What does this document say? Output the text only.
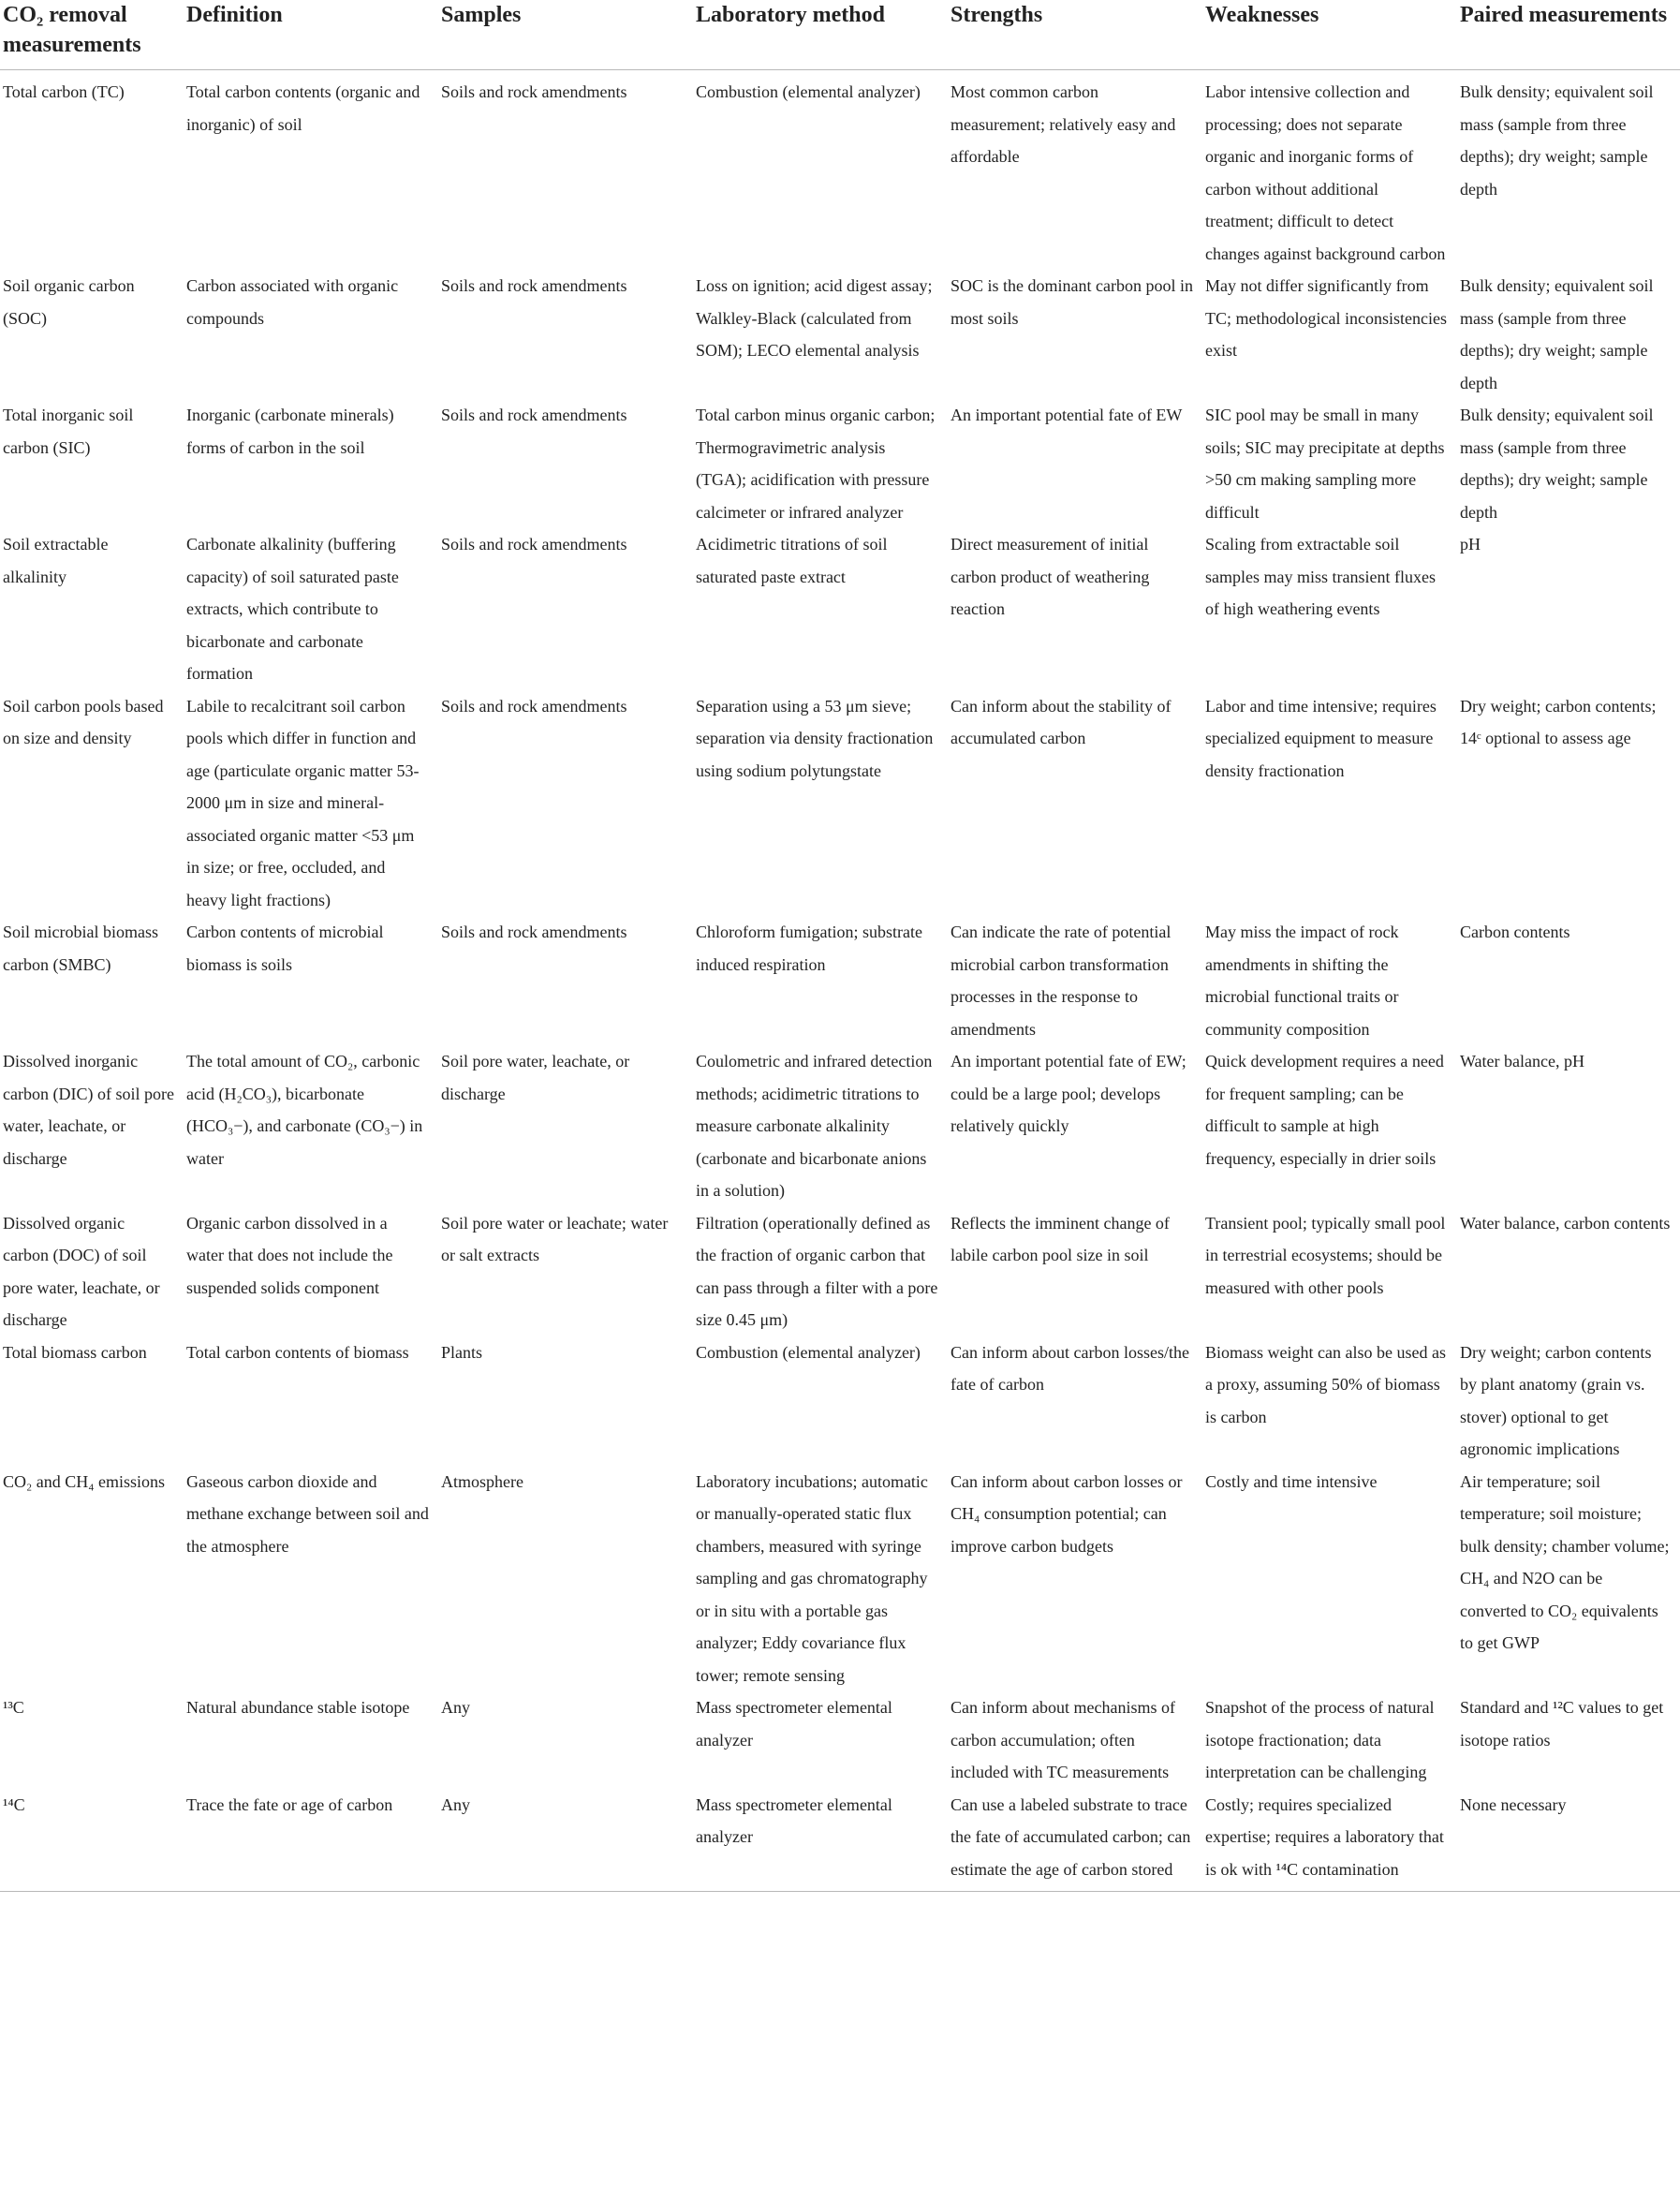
CO₂ removal measurements	Definition	Samples	Laboratory method	Strengths	Weaknesses	Paired measurements
Total carbon (TC)	Total carbon contents (organic and inorganic) of soil	Soils and rock amendments	Combustion (elemental analyzer)	Most common carbon measurement; relatively easy and affordable	Labor intensive collection and processing; does not separate organic and inorganic forms of carbon without additional treatment; difficult to detect changes against background carbon	Bulk density; equivalent soil mass (sample from three depths); dry weight; sample depth
Soil organic carbon (SOC)	Carbon associated with organic compounds	Soils and rock amendments	Loss on ignition; acid digest assay; Walkley-Black (calculated from SOM); LECO elemental analysis	SOC is the dominant carbon pool in most soils	May not differ significantly from TC; methodological inconsistencies exist	Bulk density; equivalent soil mass (sample from three depths); dry weight; sample depth
Total inorganic soil carbon (SIC)	Inorganic (carbonate minerals) forms of carbon in the soil	Soils and rock amendments	Total carbon minus organic carbon; Thermogravimetric analysis (TGA); acidification with pressure calcimeter or infrared analyzer	An important potential fate of EW	SIC pool may be small in many soils; SIC may precipitate at depths >50 cm making sampling more difficult	Bulk density; equivalent soil mass (sample from three depths); dry weight; sample depth
Soil extractable alkalinity	Carbonate alkalinity (buffering capacity) of soil saturated paste extracts, which contribute to bicarbonate and carbonate formation	Soils and rock amendments	Acidimetric titrations of soil saturated paste extract	Direct measurement of initial carbon product of weathering reaction	Scaling from extractable soil samples may miss transient fluxes of high weathering events	pH
Soil carbon pools based on size and density	Labile to recalcitrant soil carbon pools which differ in function and age (particulate organic matter 53-2000 μm in size and mineral-associated organic matter <53 μm in size; or free, occluded, and heavy light fractions)	Soils and rock amendments	Separation using a 53 μm sieve; separation via density fractionation using sodium polytungstate	Can inform about the stability of accumulated carbon	Labor and time intensive; requires specialized equipment to measure density fractionation	Dry weight; carbon contents; 14ᶜ optional to assess age
Soil microbial biomass carbon (SMBC)	Carbon contents of microbial biomass is soils	Soils and rock amendments	Chloroform fumigation; substrate induced respiration	Can indicate the rate of potential microbial carbon transformation processes in the response to amendments	May miss the impact of rock amendments in shifting the microbial functional traits or community composition	Carbon contents
Dissolved inorganic carbon (DIC) of soil pore water, leachate, or discharge	The total amount of CO₂, carbonic acid (H₂CO₃), bicarbonate (HCO₃−), and carbonate (CO₃−) in water	Soil pore water, leachate, or discharge	Coulometric and infrared detection methods; acidimetric titrations to measure carbonate alkalinity (carbonate and bicarbonate anions in a solution)	An important potential fate of EW; could be a large pool; develops relatively quickly	Quick development requires a need for frequent sampling; can be difficult to sample at high frequency, especially in drier soils	Water balance, pH
Dissolved organic carbon (DOC) of soil pore water, leachate, or discharge	Organic carbon dissolved in a water that does not include the suspended solids component	Soil pore water or leachate; water or salt extracts	Filtration (operationally defined as the fraction of organic carbon that can pass through a filter with a pore size 0.45 μm)	Reflects the imminent change of labile carbon pool size in soil	Transient pool; typically small pool in terrestrial ecosystems; should be measured with other pools	Water balance, carbon contents
Total biomass carbon	Total carbon contents of biomass	Plants	Combustion (elemental analyzer)	Can inform about carbon losses/the fate of carbon	Biomass weight can also be used as a proxy, assuming 50% of biomass is carbon	Dry weight; carbon contents by plant anatomy (grain vs. stover) optional to get agronomic implications
CO₂ and CH₄ emissions	Gaseous carbon dioxide and methane exchange between soil and the atmosphere	Atmosphere	Laboratory incubations; automatic or manually-operated static flux chambers, measured with syringe sampling and gas chromatography or in situ with a portable gas analyzer; Eddy covariance flux tower; remote sensing	Can inform about carbon losses or CH₄ consumption potential; can improve carbon budgets	Costly and time intensive	Air temperature; soil temperature; soil moisture; bulk density; chamber volume; CH₄ and N2O can be converted to CO₂ equivalents to get GWP
¹³C	Natural abundance stable isotope	Any	Mass spectrometer elemental analyzer	Can inform about mechanisms of carbon accumulation; often included with TC measurements	Snapshot of the process of natural isotope fractionation; data interpretation can be challenging	Standard and ¹²C values to get isotope ratios
¹⁴C	Trace the fate or age of carbon	Any	Mass spectrometer elemental analyzer	Can use a labeled substrate to trace the fate of accumulated carbon; can estimate the age of carbon stored	Costly; requires specialized expertise; requires a laboratory that is ok with ¹⁴C contamination	None necessary
